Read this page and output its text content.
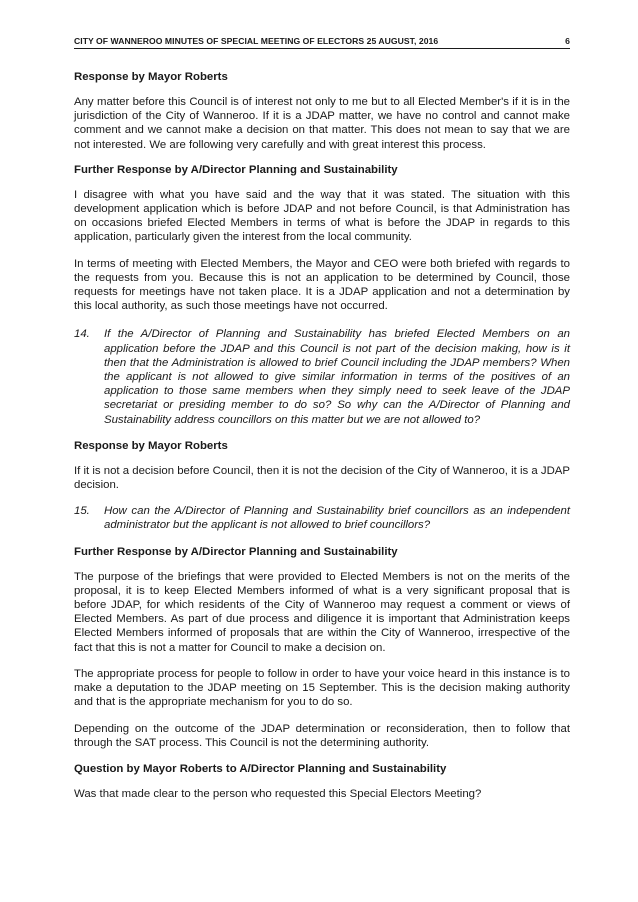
CITY OF WANNEROO MINUTES OF SPECIAL MEETING OF ELECTORS 25 AUGUST, 2016	6

Response by Mayor Roberts

Any matter before this Council is of interest not only to me but to all Elected Member's if it is in the jurisdiction of the City of Wanneroo. If it is a JDAP matter, we have no control and cannot make comment and we cannot make a decision on that matter. This does not mean to say that we are not interested. We are following very carefully and with great interest this process.

Further Response by A/Director Planning and Sustainability

I disagree with what you have said and the way that it was stated. The situation with this development application which is before JDAP and not before Council, is that Administration has on occasions briefed Elected Members in terms of what is before the JDAP in regards to this application, particularly given the interest from the local community.

In terms of meeting with Elected Members, the Mayor and CEO were both briefed with regards to the requests from you. Because this is not an application to be determined by Council, those requests for meetings have not taken place. It is a JDAP application and not a determination by this local authority, as such those meetings have not occurred.

14.	If the A/Director of Planning and Sustainability has briefed Elected Members on an application before the JDAP and this Council is not part of the decision making, how is it then that the Administration is allowed to brief Council including the JDAP members? When the applicant is not allowed to give similar information in terms of the positives of an application to those same members when they simply need to seek leave of the JDAP secretariat or presiding member to do so? So why can the A/Director of Planning and Sustainability address councillors on this matter but we are not allowed to?

Response by Mayor Roberts

If it is not a decision before Council, then it is not the decision of the City of Wanneroo, it is a JDAP decision.

15.	How can the A/Director of Planning and Sustainability brief councillors as an independent administrator but the applicant is not allowed to brief councillors?

Further Response by A/Director Planning and Sustainability

The purpose of the briefings that were provided to Elected Members is not on the merits of the proposal, it is to keep Elected Members informed of what is a very significant proposal that is before JDAP, for which residents of the City of Wanneroo may request a comment or views of Elected Members. As part of due process and diligence it is important that Administration keeps Elected Members informed of proposals that are within the City of Wanneroo, irrespective of the fact that this is not a matter for Council to make a decision on.

The appropriate process for people to follow in order to have your voice heard in this instance is to make a deputation to the JDAP meeting on 15 September. This is the decision making authority and that is the appropriate mechanism for you to do so.

Depending on the outcome of the JDAP determination or reconsideration, then to follow that through the SAT process. This Council is not the determining authority.

Question by Mayor Roberts to A/Director Planning and Sustainability

Was that made clear to the person who requested this Special Electors Meeting?
